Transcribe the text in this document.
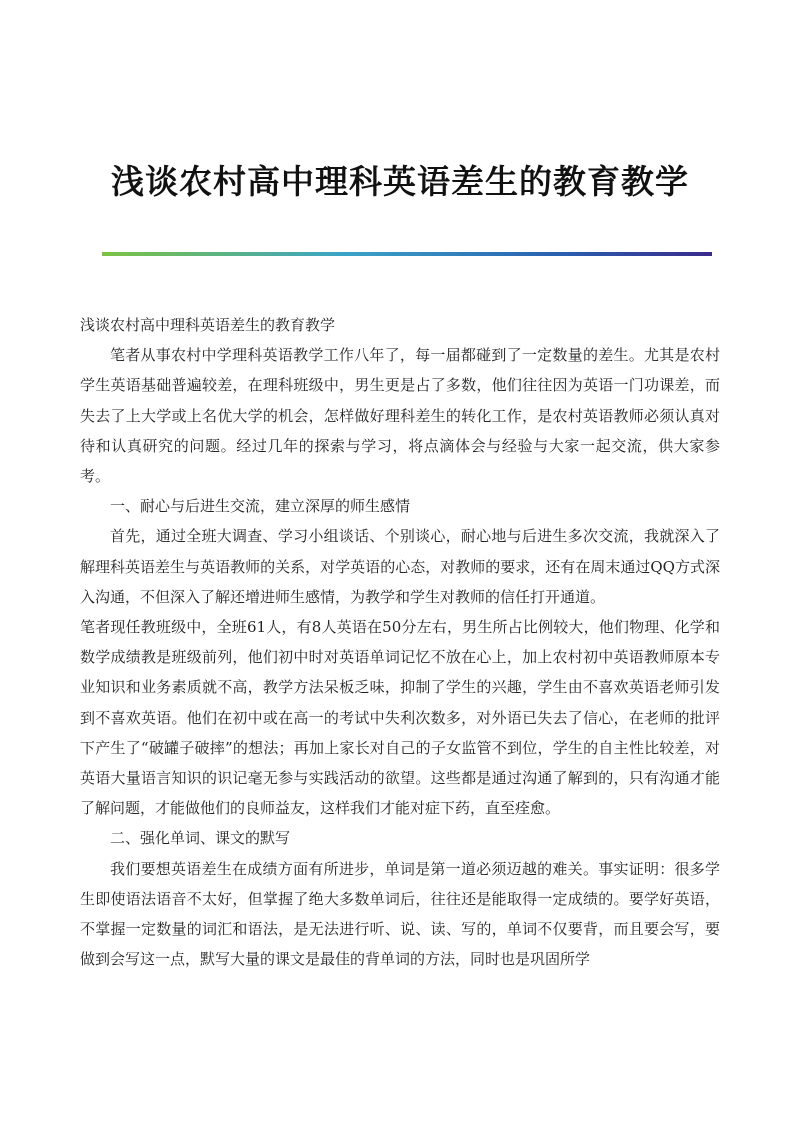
浅谈农村高中理科英语差生的教育教学

浅谈农村高中理科英语差生的教育教学

笔者从事农村中学理科英语教学工作八年了，每一届都碰到了一定数量的差生。尤其是农村学生英语基础普遍较差，在理科班级中，男生更是占了多数，他们往往因为英语一门功课差，而失去了上大学或上名优大学的机会，怎样做好理科差生的转化工作，是农村英语教师必须认真对待和认真研究的问题。经过几年的探索与学习，将点滴体会与经验与大家一起交流，供大家参考。

一、耐心与后进生交流，建立深厚的师生感情

首先，通过全班大调查、学习小组谈话、个别谈心，耐心地与后进生多次交流，我就深入了解理科英语差生与英语教师的关系，对学英语的心态，对教师的要求，还有在周末通过QQ方式深入沟通，不但深入了解还增进师生感情，为教学和学生对教师的信任打开通道。

笔者现任教班级中，全班61人，有8人英语在50分左右，男生所占比例较大，他们物理、化学和数学成绩教是班级前列，他们初中时对英语单词记忆不放在心上，加上农村初中英语教师原本专业知识和业务素质就不高，教学方法呆板乏味，抑制了学生的兴趣，学生由不喜欢英语老师引发到不喜欢英语。他们在初中或在高一的考试中失利次数多，对外语已失去了信心，在老师的批评下产生了“破罐子破摔”的想法；再加上家长对自己的子女监管不到位，学生的自主性比较差，对英语大量语言知识的识记毫无参与实践活动的欲望。这些都是通过沟通了解到的，只有沟通才能了解问题，才能做他们的良师益友，这样我们才能对症下药，直至痊愈。

二、强化单词、课文的默写

我们要想英语差生在成绩方面有所进步，单词是第一道必须迈越的难关。事实证明：很多学生即使语法语音不太好，但掌握了绝大多数单词后，往往还是能取得一定成绩的。要学好英语，不掌握一定数量的词汇和语法，是无法进行听、说、读、写的，单词不仅要背，而且要会写，要做到会写这一点，默写大量的课文是最佳的背单词的方法，同时也是巩固所学
